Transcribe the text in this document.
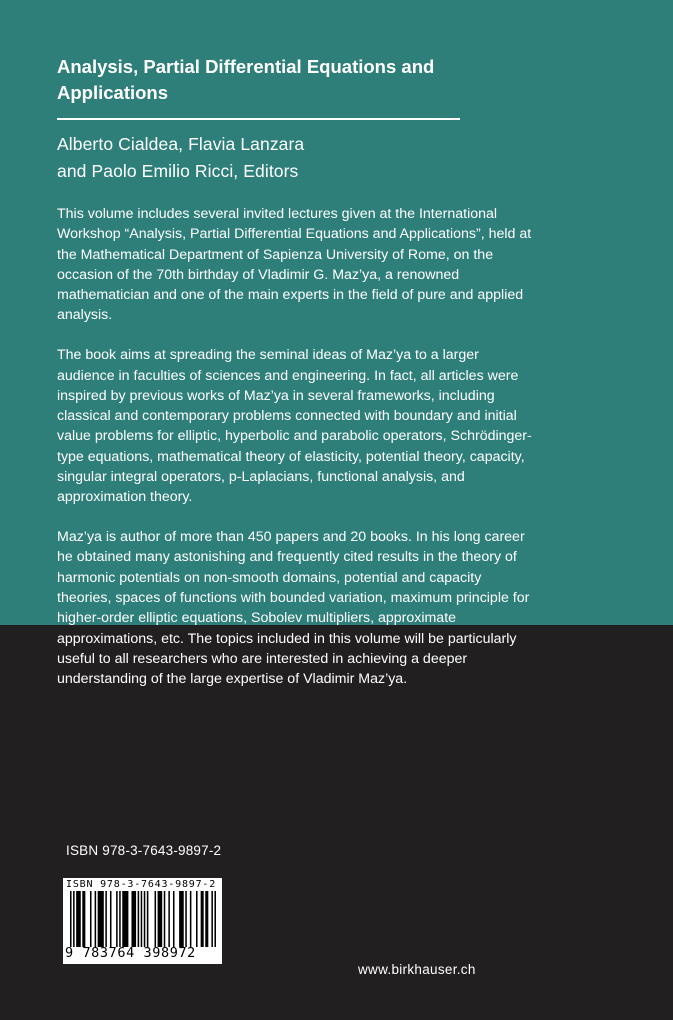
Analysis, Partial Differential Equations and Applications
Alberto Cialdea, Flavia Lanzara
and Paolo Emilio Ricci, Editors

This volume includes several invited lectures given at the International Workshop “Analysis, Partial Differential Equations and Applications”, held at the Mathematical Department of Sapienza University of Rome, on the occasion of the 70th birthday of Vladimir G. Maz’ya, a renowned mathematician and one of the main experts in the field of pure and applied analysis.

The book aims at spreading the seminal ideas of Maz’ya to a larger audience in faculties of sciences and engineering. In fact, all articles were inspired by previous works of Maz’ya in several frameworks, including classical and contemporary problems connected with boundary and initial value problems for elliptic, hyperbolic and parabolic operators, Schrödinger-type equations, mathematical theory of elasticity, potential theory, capacity, singular integral operators, p-Laplacians, functional analysis, and approximation theory.

Maz’ya is author of more than 450 papers and 20 books. In his long career he obtained many astonishing and frequently cited results in the theory of harmonic potentials on non-smooth domains, potential and capacity theories, spaces of functions with bounded variation, maximum principle for higher-order elliptic equations, Sobolev multipliers, approximate approximations, etc. The topics included in this volume will be particularly useful to all researchers who are interested in achieving a deeper understanding of the large expertise of Vladimir Maz’ya.

ISBN 978-3-7643-9897-2
ISBN 978-3-7643-9897-2
9 783764 398972
www.birkhauser.ch
